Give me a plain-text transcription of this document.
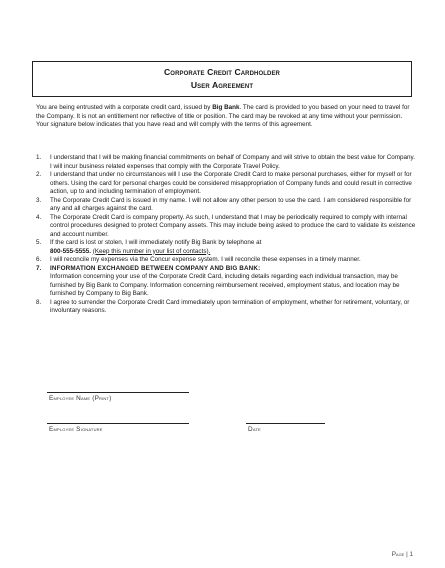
Corporate Credit Cardholder
User Agreement
You are being entrusted with a corporate credit card, issued by Big Bank. The card is provided to you based on your need to travel for the Company. It is not an entitlement nor reflective of title or position. The card may be revoked at any time without your permission. Your signature below indicates that you have read and will comply with the terms of this agreement.
1. I understand that I will be making financial commitments on behalf of Company and will strive to obtain the best value for Company. I will incur business related expenses that comply with the Corporate Travel Policy.
2. I understand that under no circumstances will I use the Corporate Credit Card to make personal purchases, either for myself or for others. Using the card for personal charges could be considered misappropriation of Company funds and could result in corrective action, up to and including termination of employment.
3. The Corporate Credit Card is issued in my name. I will not allow any other person to use the card. I am considered responsible for any and all charges against the card.
4. The Corporate Credit Card is company property. As such, I understand that I may be periodically required to comply with internal control procedures designed to protect Company assets. This may include being asked to produce the card to validate its existence and account number.
5. If the card is lost or stolen, I will immediately notify Big Bank by telephone at
800-555-5555. (Keep this number in your list of contacts).
6. I will reconcile my expenses via the Concur expense system. I will reconcile these expenses in a timely manner.
7. INFORMATION EXCHANGED BETWEEN COMPANY AND BIG BANK:
Information concerning your use of the Corporate Credit Card, including details regarding each individual transaction, may be furnished by Big Bank to Company. Information concerning reimbursement received, employment status, and location may be furnished by Company to Big Bank.
8. I agree to surrender the Corporate Credit Card immediately upon termination of employment, whether for retirement, voluntary, or involuntary reasons.
Employee Name (Print)
Employee Signature	Date
Page | 1
